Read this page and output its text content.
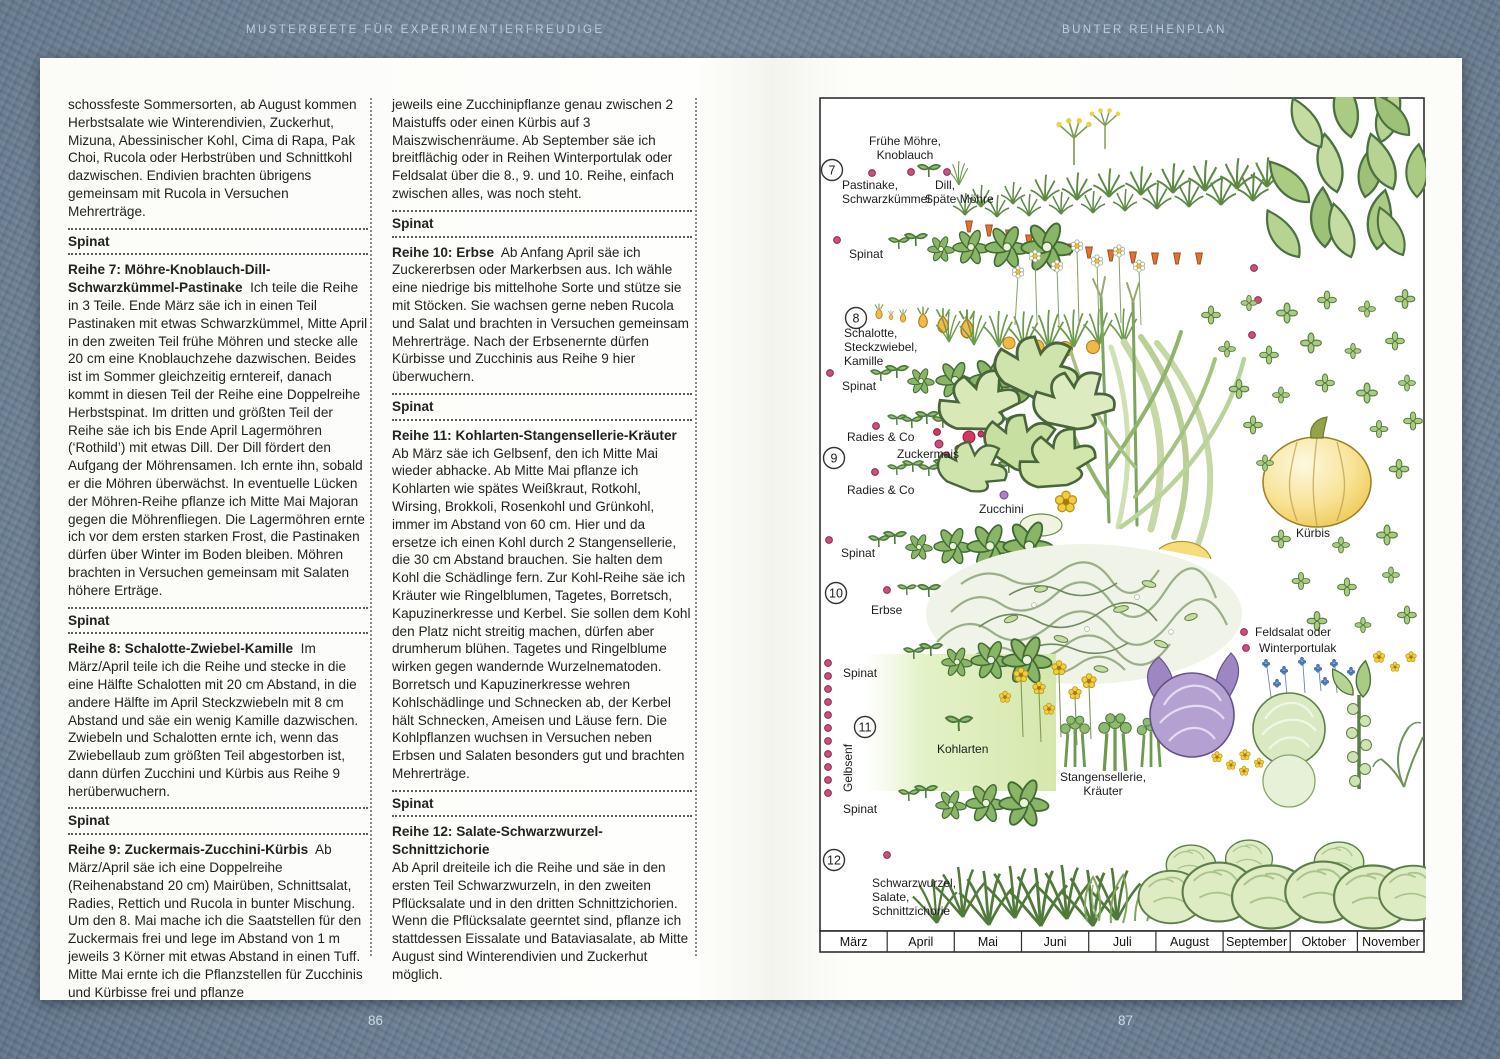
MUSTERBEETE FÜR EXPERIMENTIERFREUDIGE	BUNTER REIHENPLAN

schossfeste Sommersorten, ab August kommen Herbstsalate wie Winterendivien, Zuckerhut, Mizuna, Abessinischer Kohl, Cima di Rapa, Pak Choi, Rucola oder Herbstrüben und Schnittkohl dazwischen. Endivien brachten übrigens gemeinsam mit Rucola in Versuchen Mehrerträge.

Spinat

Reihe 7: Möhre-Knoblauch-Dill-Schwarzkümmel-Pastinake Ich teile die Reihe in 3 Teile. Ende März säe ich in einen Teil Pastinaken mit etwas Schwarzkümmel, Mitte April in den zweiten Teil frühe Möhren und stecke alle 20 cm eine Knoblauchzehe dazwischen. Beides ist im Sommer gleichzeitig erntereif, danach kommt in diesen Teil der Reihe eine Doppelreihe Herbstspinat. Im dritten und größten Teil der Reihe säe ich bis Ende April Lagermöhren (‘Rothild’) mit etwas Dill. Der Dill fördert den Aufgang der Möhrensamen. Ich ernte ihn, sobald er die Möhren überwächst. In eventuelle Lücken der Möhren-Reihe pflanze ich Mitte Mai Majoran gegen die Möhrenfliegen. Die Lagermöhren ernte ich vor dem ersten starken Frost, die Pastinaken dürfen über Winter im Boden bleiben. Möhren brachten in Versuchen gemeinsam mit Salaten höhere Erträge.

Spinat

Reihe 8: Schalotte-Zwiebel-Kamille Im März/April teile ich die Reihe und stecke in die eine Hälfte Schalotten mit 20 cm Abstand, in die andere Hälfte im April Steckzwiebeln mit 8 cm Abstand und säe ein wenig Kamille dazwischen. Zwiebeln und Schalotten ernte ich, wenn das Zwiebellaub zum größten Teil abgestorben ist, dann dürfen Zucchini und Kürbis aus Reihe 9 herüberwuchern.

Spinat

Reihe 9: Zuckermais-Zucchini-Kürbis Ab März/April säe ich eine Doppelreihe (Reihenabstand 20 cm) Mairüben, Schnittsalat, Radies, Rettich und Rucola in bunter Mischung. Um den 8. Mai mache ich die Saatstellen für den Zuckermais frei und lege im Abstand von 1 m jeweils 3 Körner mit etwas Abstand in einen Tuff. Mitte Mai ernte ich die Pflanzstellen für Zucchinis und Kürbisse frei und pflanze

jeweils eine Zucchinipflanze genau zwischen 2 Maistuffs oder einen Kürbis auf 3 Maiszwischenräume. Ab September säe ich breitflächig oder in Reihen Winterportulak oder Feldsalat über die 8., 9. und 10. Reihe, einfach zwischen alles, was noch steht.

Spinat

Reihe 10: Erbse Ab Anfang April säe ich Zuckererbsen oder Markerbsen aus. Ich wähle eine niedrige bis mittelhohe Sorte und stütze sie mit Stöcken. Sie wachsen gerne neben Rucola und Salat und brachten in Versuchen gemeinsam Mehrerträge. Nach der Erbsenernte dürfen Kürbisse und Zucchinis aus Reihe 9 hier überwuchern.

Spinat

Reihe 11: Kohlarten-Stangensellerie-Kräuter
Ab März säe ich Gelbsenf, den ich Mitte Mai wieder abhacke. Ab Mitte Mai pflanze ich Kohlarten wie spätes Weißkraut, Rotkohl, Wirsing, Brokkoli, Rosenkohl und Grünkohl, immer im Abstand von 60 cm. Hier und da ersetze ich einen Kohl durch 2 Stangensellerie, die 30 cm Abstand brauchen. Sie halten dem Kohl die Schädlinge fern. Zur Kohl-Reihe säe ich Kräuter wie Ringelblumen, Tagetes, Borretsch, Kapuzinerkresse und Kerbel. Sie sollen dem Kohl den Platz nicht streitig machen, dürfen aber drumherum blühen. Tagetes und Ringelblume wirken gegen wandernde Wurzelnematoden. Borretsch und Kapuzinerkresse wehren Kohlschädlinge und Schnecken ab, der Kerbel hält Schnecken, Ameisen und Läuse fern. Die Kohlpflanzen wuchsen in Versuchen neben Erbsen und Salaten besonders gut und brachten Mehrerträge.

Spinat

Reihe 12: Salate-Schwarzwurzel-Schnittzichorie
Ab April dreiteile ich die Reihe und säe in den ersten Teil Schwarzwurzeln, in den zweiten Pflücksalate und in den dritten Schnittzichorien. Wenn die Pflücksalate geerntet sind, pflanze ich stattdessen Eissalate und Bataviasalate, ab Mitte August sind Winterendivien und Zuckerhut möglich.

7
Frühe Möhre,
Knoblauch
Pastinake,
Schwarzkümmel
Dill,
Späte Möhre
Spinat
8
Schalotte,
Steckzwiebel,
Kamille
Spinat
9
Radies & Co
Zuckermais
Radies & Co
Zucchini
Kürbis
Spinat
10
Erbse
Feldsalat oder
Winterportulak
Spinat
Gelbsenf
11
Kohlarten
Stangensellerie,
Kräuter
Spinat
12
Schwarzwurzel,
Salate,
Schnittzichorie
März	April	Mai	Juni	Juli	August September Oktober November
86	87
